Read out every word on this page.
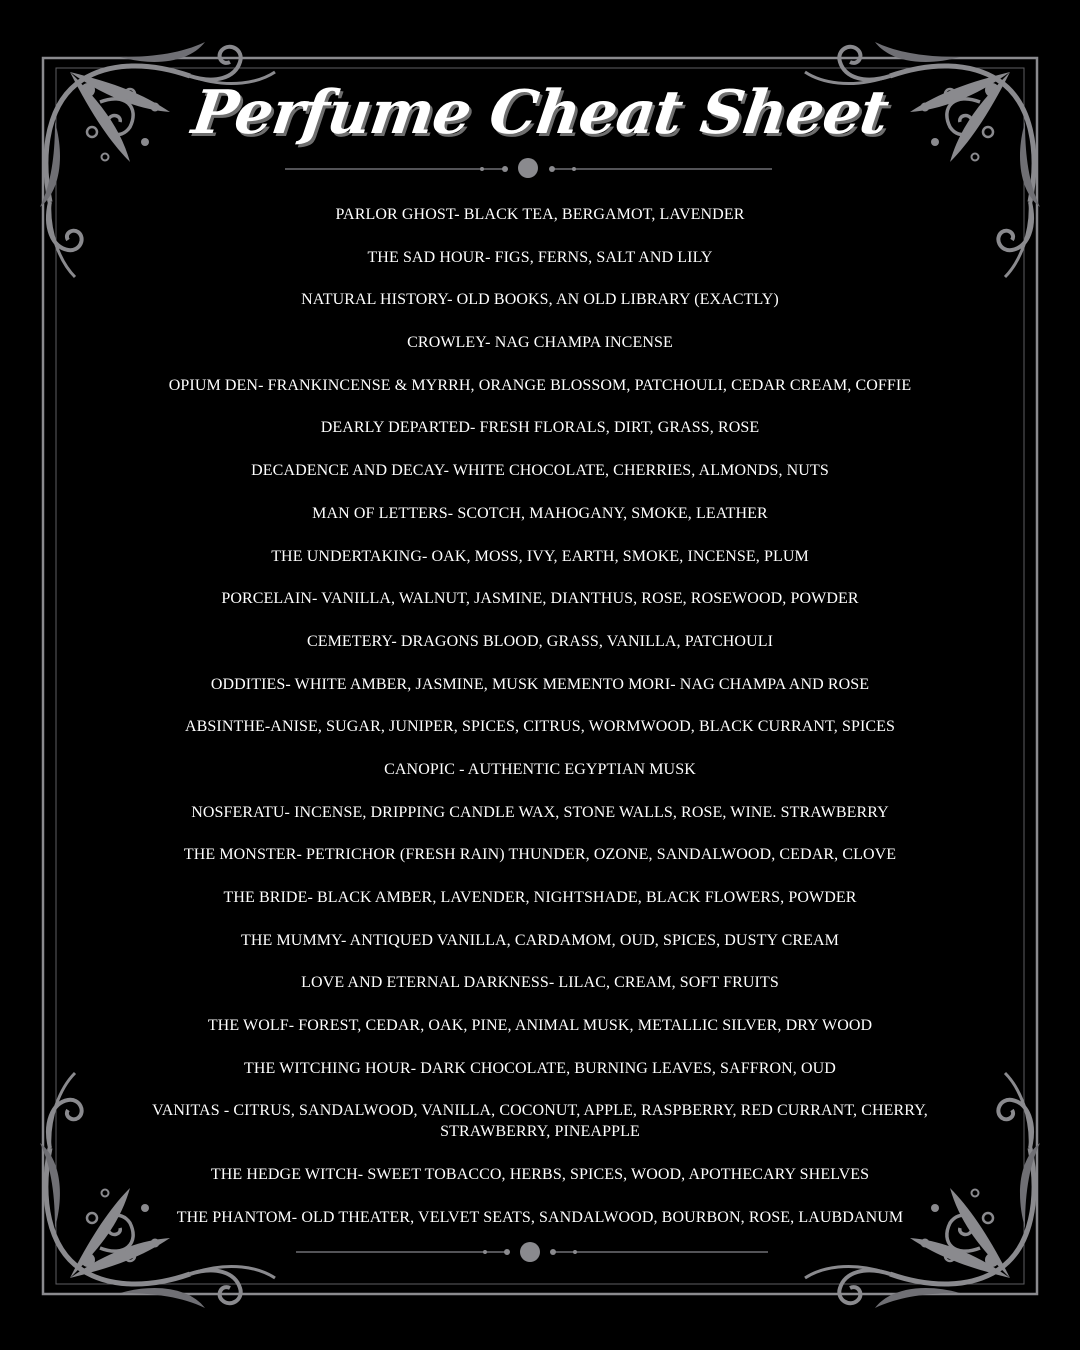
Perfume Cheat Sheet
PARLOR GHOST- BLACK TEA, BERGAMOT, LAVENDER
THE SAD HOUR- FIGS, FERNS, SALT AND LILY
NATURAL HISTORY- OLD BOOKS, AN OLD LIBRARY (EXACTLY)
CROWLEY- NAG CHAMPA INCENSE
OPIUM DEN- FRANKINCENSE & MYRRH, ORANGE BLOSSOM, PATCHOULI, CEDAR CREAM, COFFIE
DEARLY DEPARTED- FRESH FLORALS, DIRT, GRASS, ROSE
DECADENCE AND DECAY- WHITE CHOCOLATE, CHERRIES, ALMONDS, NUTS
MAN OF LETTERS- SCOTCH, MAHOGANY, SMOKE, LEATHER
THE UNDERTAKING- OAK, MOSS, IVY, EARTH, SMOKE, INCENSE, PLUM
PORCELAIN- VANILLA, WALNUT, JASMINE, DIANTHUS, ROSE, ROSEWOOD, POWDER
CEMETERY- DRAGONS BLOOD, GRASS, VANILLA, PATCHOULI
ODDITIES- WHITE AMBER, JASMINE, MUSK MEMENTO MORI- NAG CHAMPA AND ROSE
ABSINTHE-ANISE, SUGAR, JUNIPER, SPICES, CITRUS, WORMWOOD, BLACK CURRANT, SPICES
CANOPIC - AUTHENTIC EGYPTIAN MUSK
NOSFERATU- INCENSE, DRIPPING CANDLE WAX, STONE WALLS, ROSE, WINE. STRAWBERRY
THE MONSTER- PETRICHOR (FRESH RAIN) THUNDER, OZONE, SANDALWOOD, CEDAR, CLOVE
THE BRIDE- BLACK AMBER, LAVENDER, NIGHTSHADE, BLACK FLOWERS, POWDER
THE MUMMY- ANTIQUED VANILLA, CARDAMOM, OUD, SPICES, DUSTY CREAM
LOVE AND ETERNAL DARKNESS- LILAC, CREAM, SOFT FRUITS
THE WOLF- FOREST, CEDAR, OAK, PINE, ANIMAL MUSK, METALLIC SILVER, DRY WOOD
THE WITCHING HOUR- DARK CHOCOLATE, BURNING LEAVES, SAFFRON, OUD
VANITAS - CITRUS, SANDALWOOD, VANILLA, COCONUT, APPLE, RASPBERRY, RED CURRANT, CHERRY, STRAWBERRY, PINEAPPLE
THE HEDGE WITCH- SWEET TOBACCO, HERBS, SPICES, WOOD, APOTHECARY SHELVES
THE PHANTOM- OLD THEATER, VELVET SEATS, SANDALWOOD, BOURBON, ROSE, LAUBDANUM
